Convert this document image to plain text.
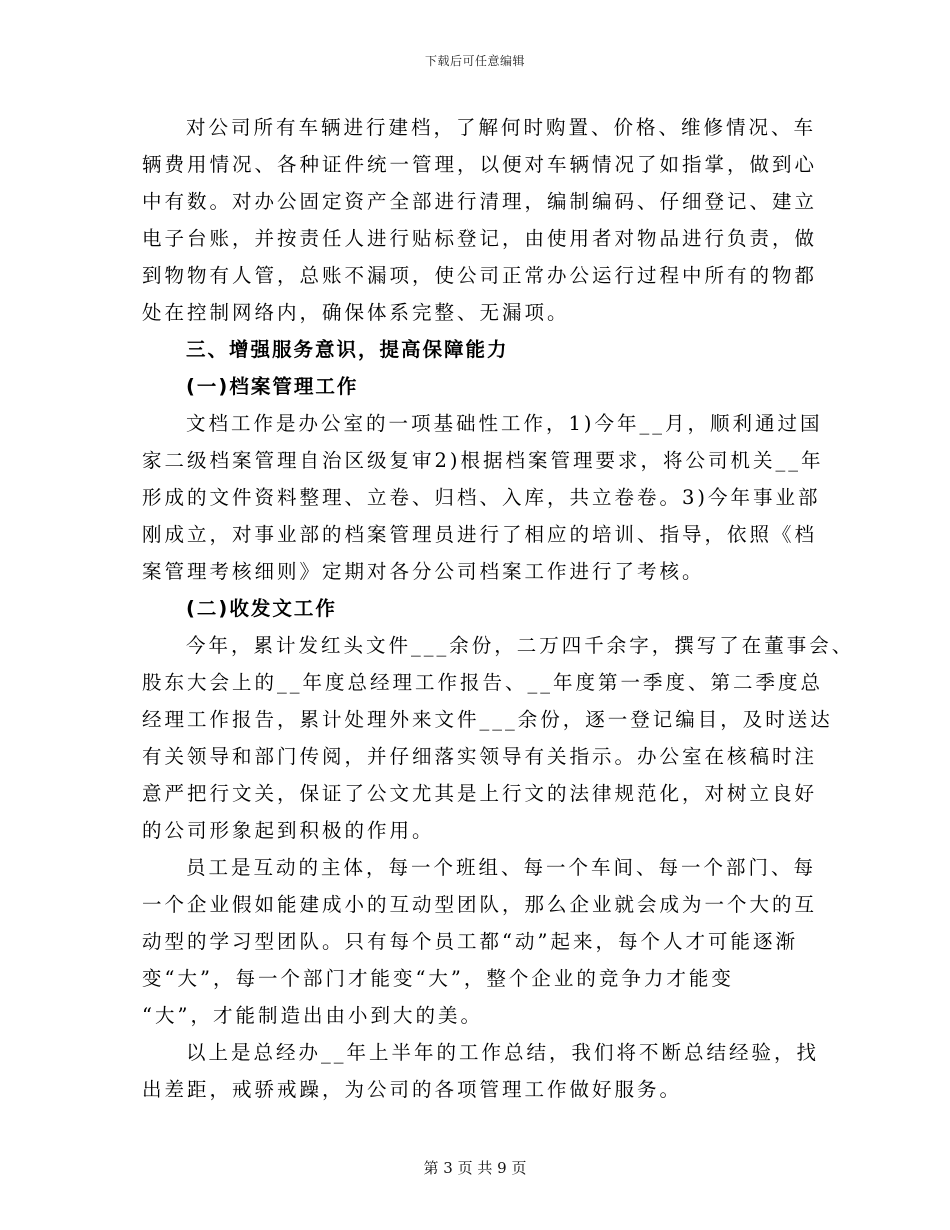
下载后可任意编辑
对公司所有车辆进行建档，了解何时购置、价格、维修情况、车
辆费用情况、各种证件统一管理，以便对车辆情况了如指掌，做到心
中有数。对办公固定资产全部进行清理，编制编码、仔细登记、建立
电子台账，并按责任人进行贴标登记，由使用者对物品进行负责，做
到物物有人管，总账不漏项，使公司正常办公运行过程中所有的物都
处在控制网络内，确保体系完整、无漏项。
三、增强服务意识，提高保障能力
(一)档案管理工作
文档工作是办公室的一项基础性工作，1)今年__月，顺利通过国
家二级档案管理自治区级复审2)根据档案管理要求，将公司机关__年
形成的文件资料整理、立卷、归档、入库，共立卷卷。3)今年事业部
刚成立，对事业部的档案管理员进行了相应的培训、指导，依照《档
案管理考核细则》定期对各分公司档案工作进行了考核。
(二)收发文工作
今年，累计发红头文件___余份，二万四千余字，撰写了在董事会、
股东大会上的__年度总经理工作报告、__年度第一季度、第二季度总
经理工作报告，累计处理外来文件___余份，逐一登记编目，及时送达
有关领导和部门传阅，并仔细落实领导有关指示。办公室在核稿时注
意严把行文关，保证了公文尤其是上行文的法律规范化，对树立良好
的公司形象起到积极的作用。
员工是互动的主体，每一个班组、每一个车间、每一个部门、每
一个企业假如能建成小的互动型团队，那么企业就会成为一个大的互
动型的学习型团队。只有每个员工都“动”起来，每个人才可能逐渐
变“大”，每一个部门才能变“大”，整个企业的竞争力才能变
“大”，才能制造出由小到大的美。
以上是总经办__年上半年的工作总结，我们将不断总结经验，找
出差距，戒骄戒躁，为公司的各项管理工作做好服务。
第 3 页 共 9 页
